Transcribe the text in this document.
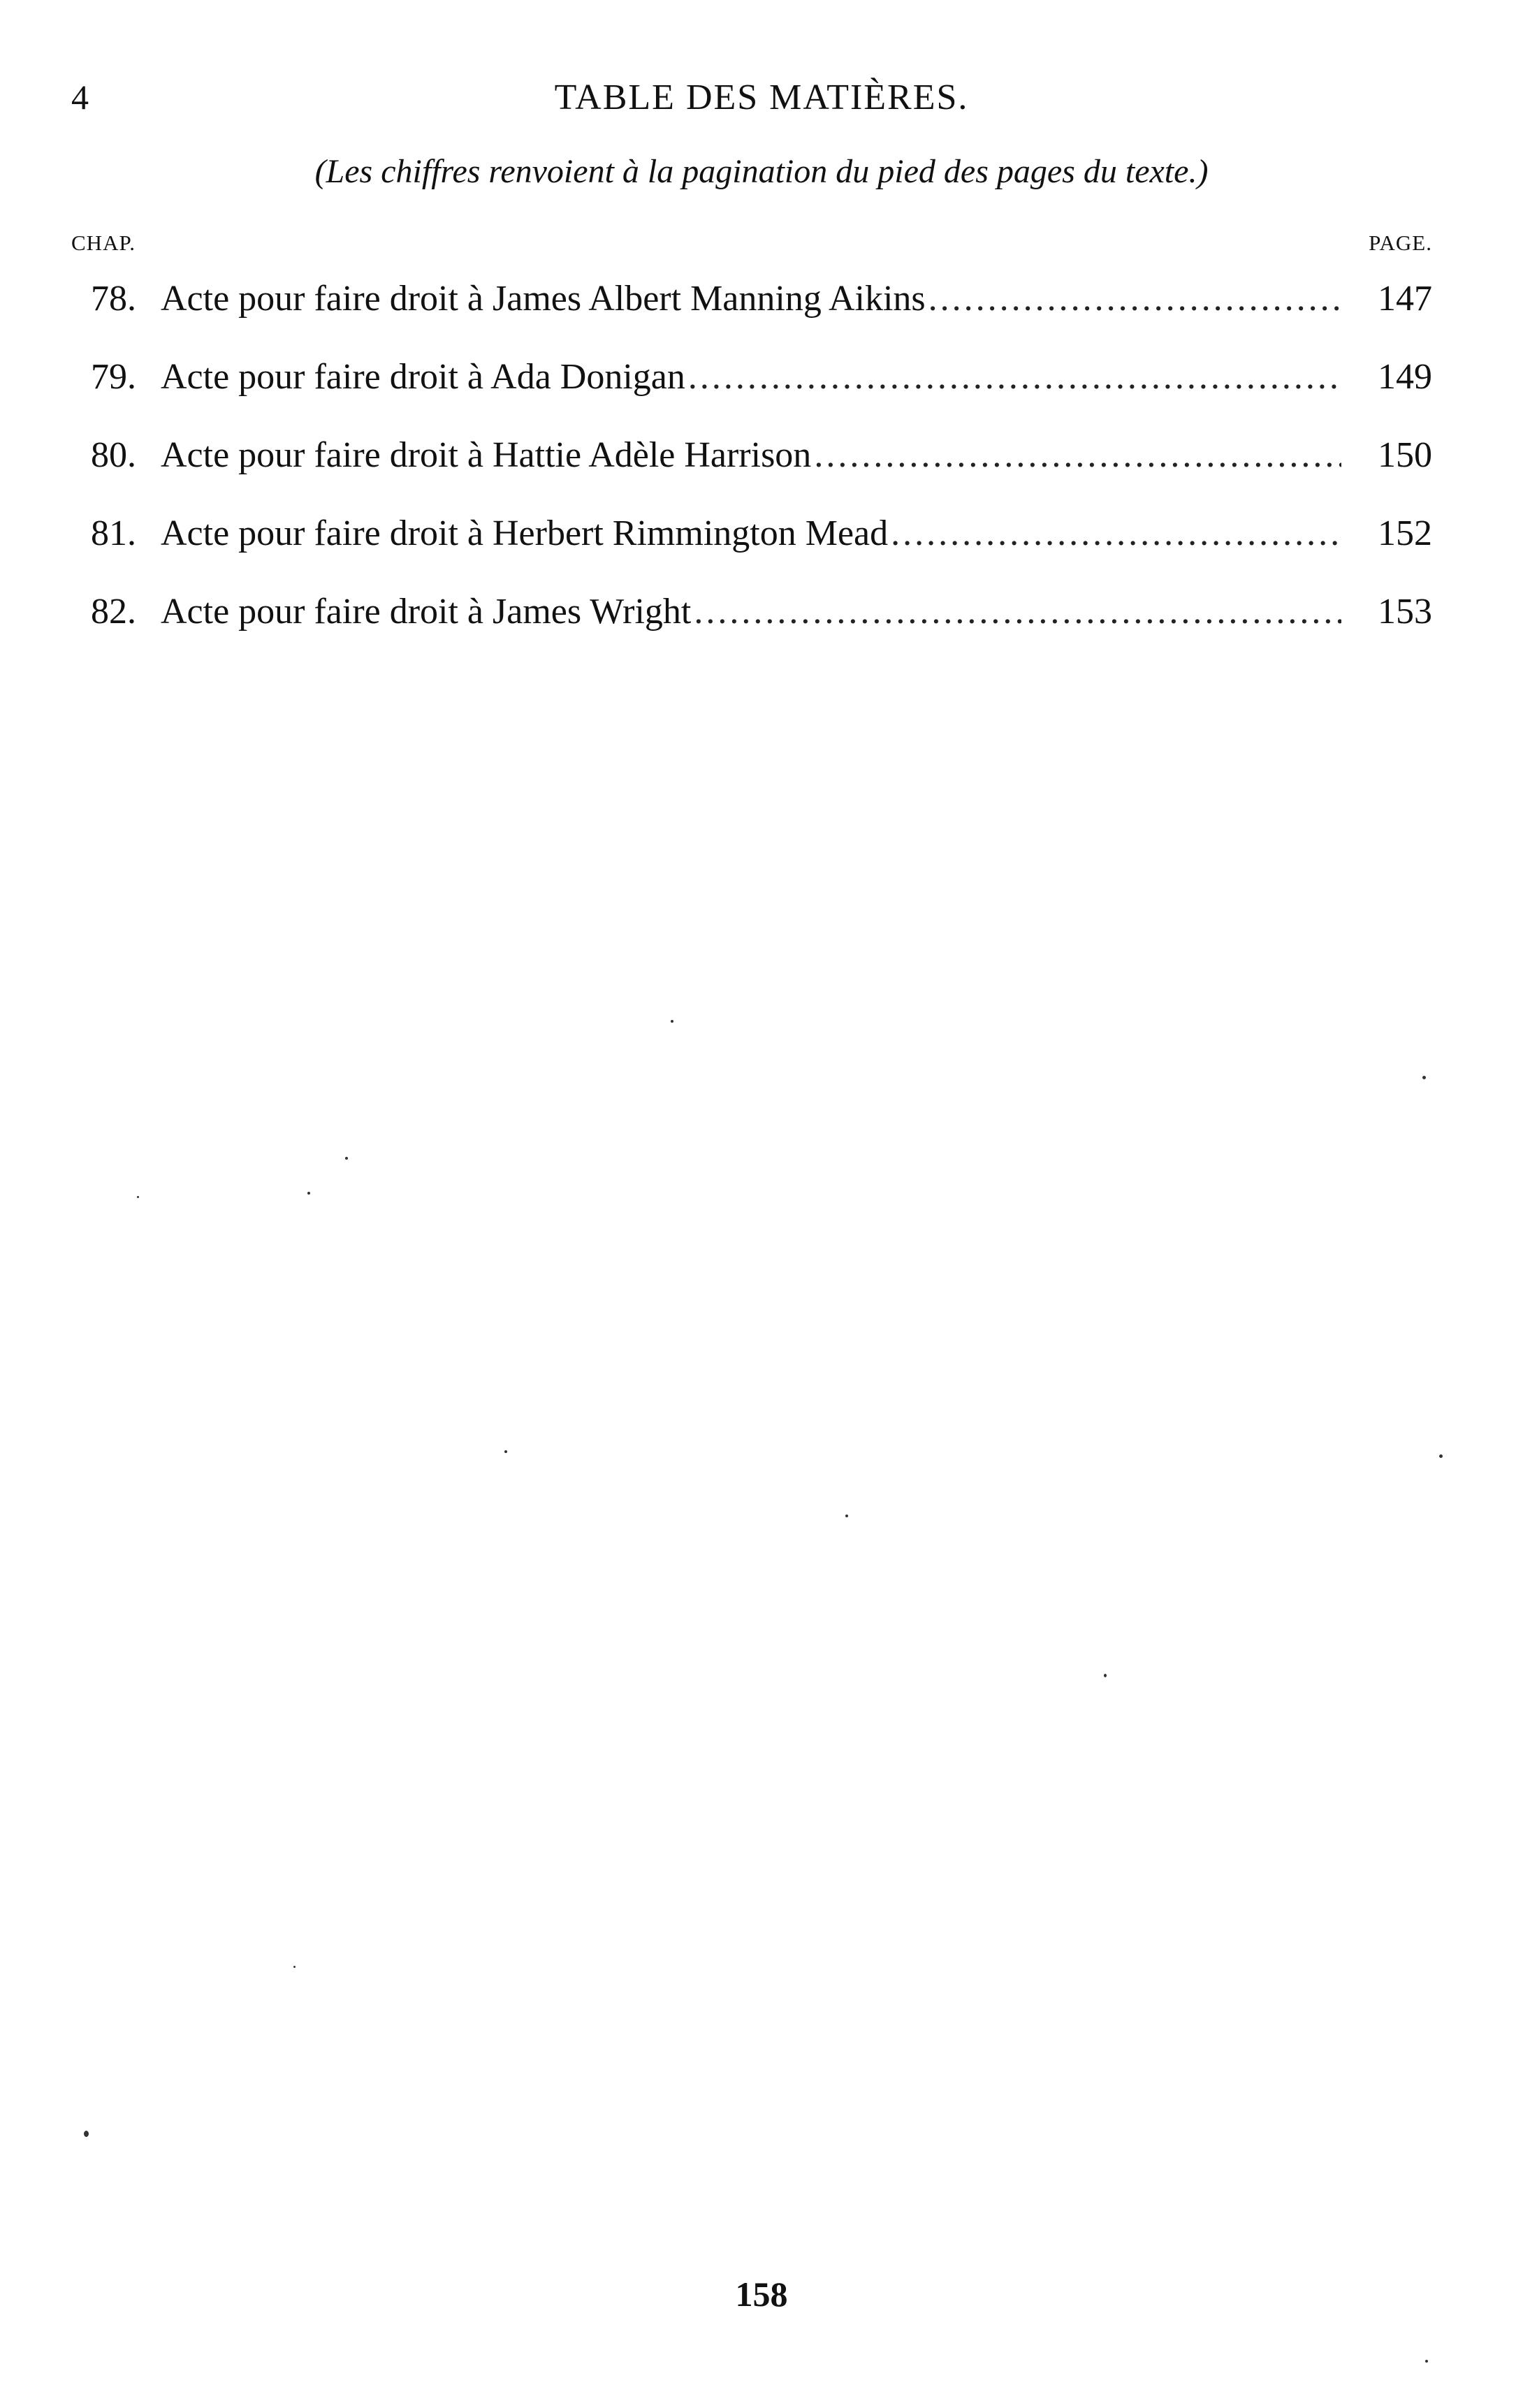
4	TABLE DES MATIÈRES.
(Les chiffres renvoient à la pagination du pied des pages du texte.)
CHAP.	PAGE.
78. Acte pour faire droit à James Albert Manning Aikins .....	147
79. Acte pour faire droit à Ada Donigan .....	149
80. Acte pour faire droit à Hattie Adèle Harrison .....	150
81. Acte pour faire droit à Herbert Rimmington Mead .....	152
82. Acte pour faire droit à James Wright .....	153
158
